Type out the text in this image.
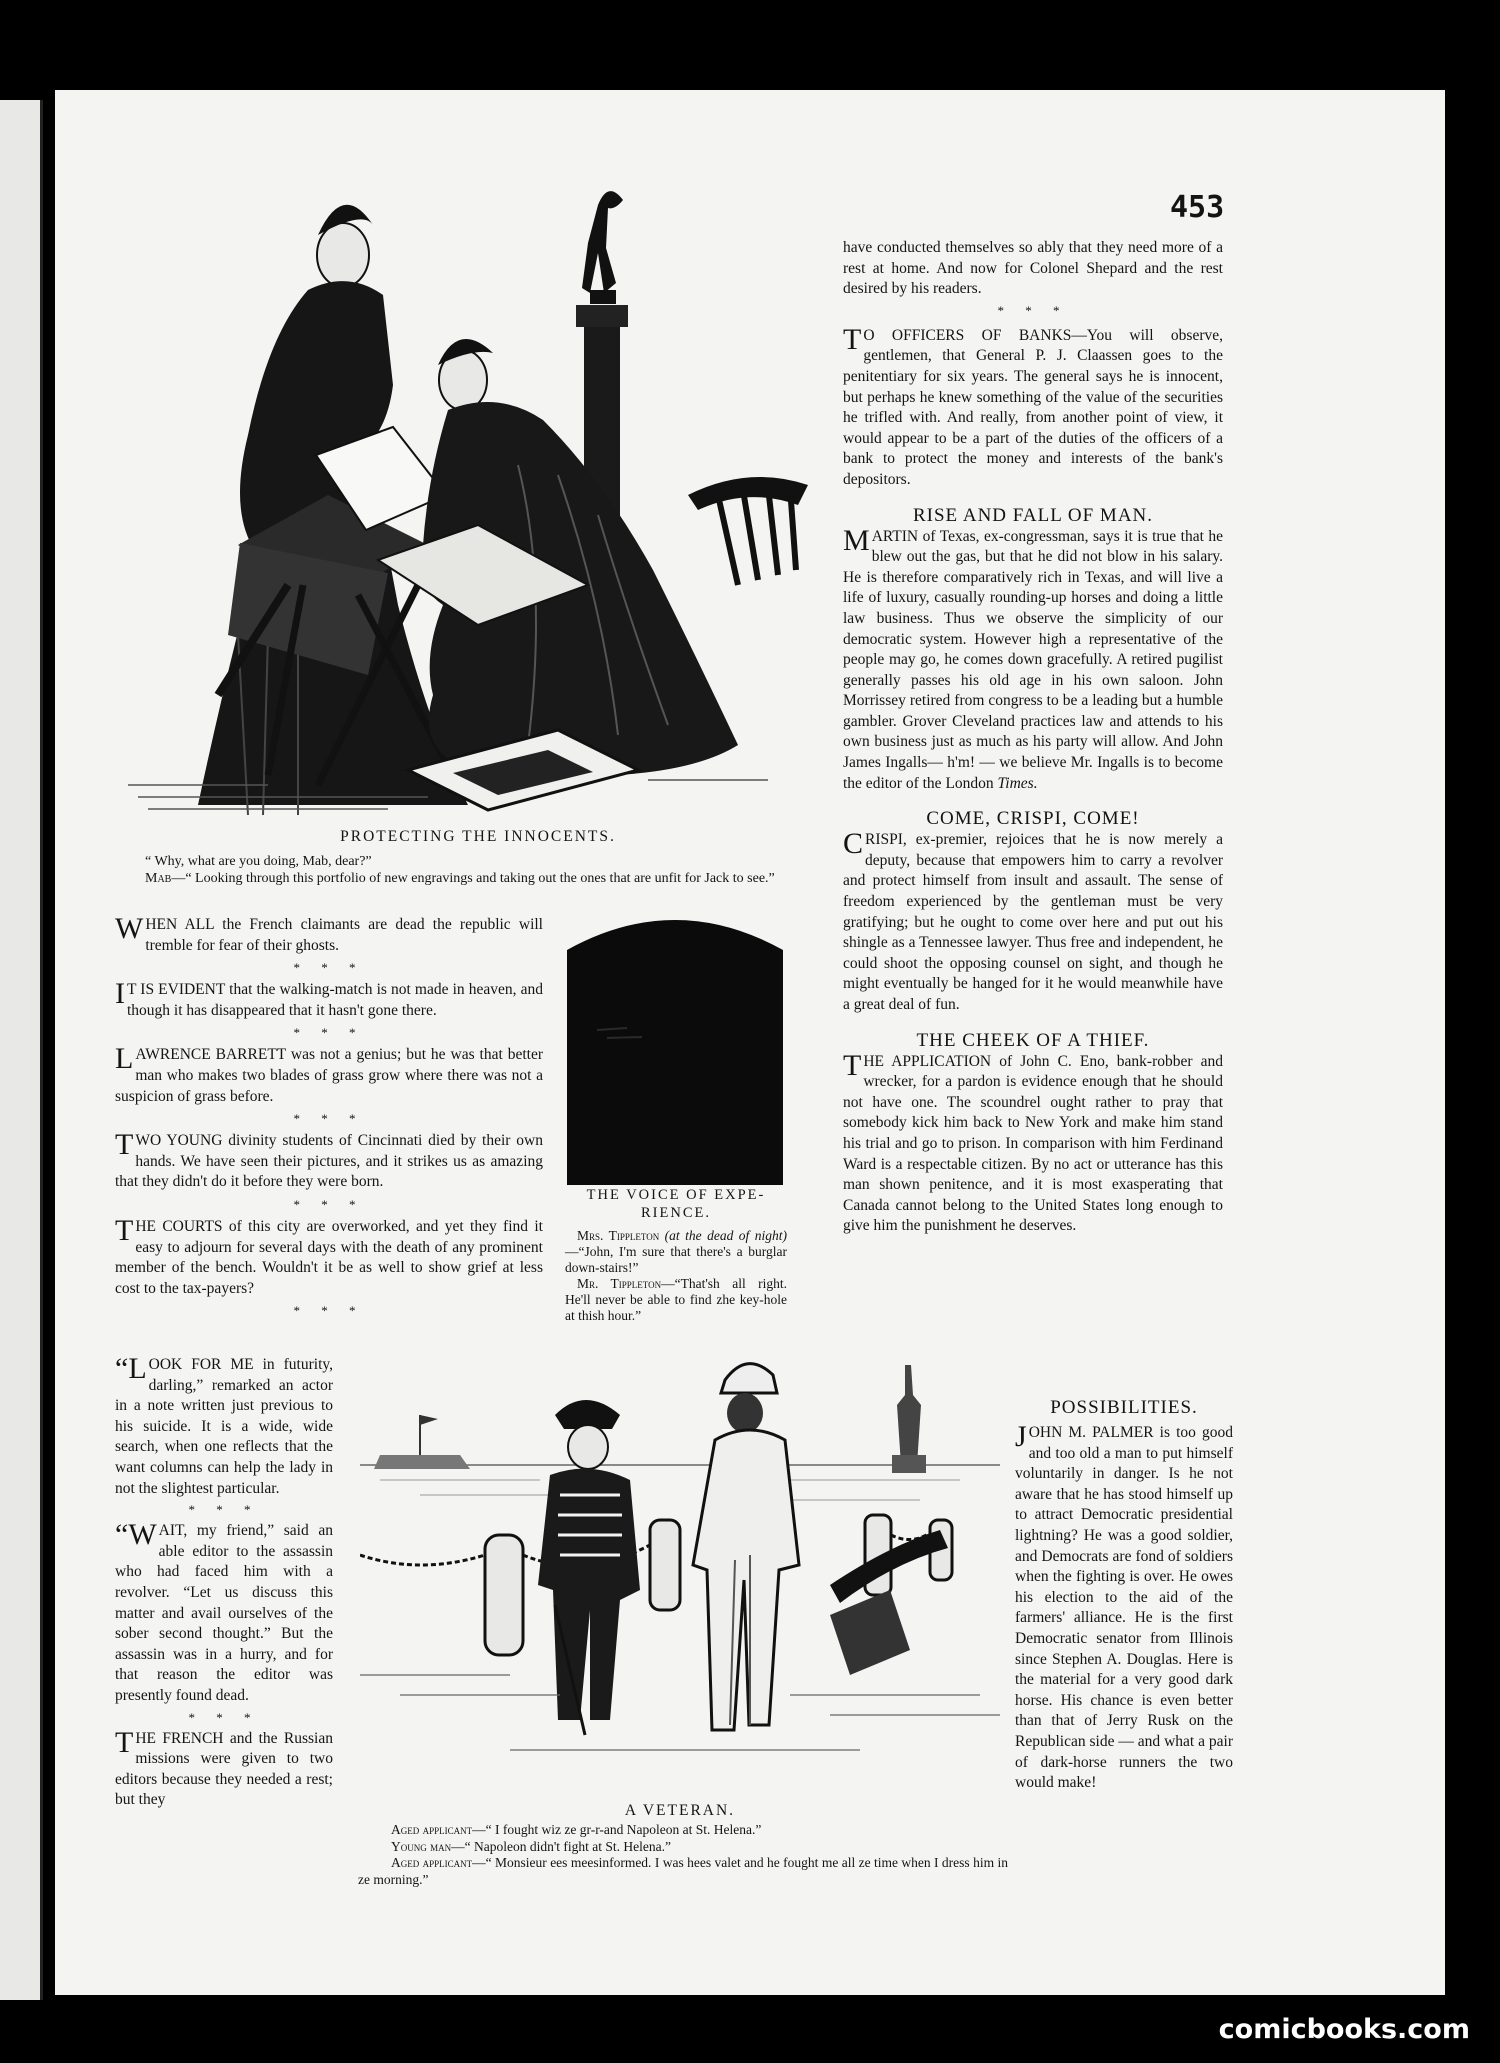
453
PROTECTING THE INNOCENTS.
“ Why, what are you doing, Mab, dear?”
Mab—“ Looking through this portfolio of new engravings and taking out the ones that are unfit for Jack to see.”

WHEN ALL the French claimants are dead the republic will tremble for fear of their ghosts.

* * *

I T IS EVIDENT that the walking-match is not made in heaven, and though it has disappeared that it hasn't gone there.

* * *

LAWRENCE BARRETT was not a genius; but he was that better man who makes two blades of grass grow where there was not a suspicion of grass before.

* * *

TWO YOUNG divinity students of Cincinnati died by their own hands. We have seen their pictures, and it strikes us as amazing that they didn't do it before they were born.

* * *

THE COURTS of this city are overworked, and yet they find it easy to adjourn for several days with the death of any prominent member of the bench. Wouldn't it be as well to show grief at less cost to the tax-payers?

* * *

“LOOK FOR ME in futurity, darling,” remarked an actor in a note written just previous to his suicide. It is a wide, wide search, when one reflects that the want columns can help the lady in not the slightest particular.

* * *

“WAIT, my friend,” said an able editor to the assassin who had faced him with a revolver. “Let us discuss this matter and avail ourselves of the sober second thought.” But the assassin was in a hurry, and for that reason the editor was presently found dead.

* * *

THE FRENCH and the Russian missions were given to two editors because they needed a rest; but they

THE VOICE OF EXPE-RIENCE.
Mrs. Tippleton (at the dead of night)—“John, I'm sure that there's a burglar down-stairs!”
Mr. Tippleton—“That'sh all right. He'll never be able to find zhe key-hole at thish hour.”
A VETERAN.
Aged applicant—“ I fought wiz ze gr-r-and Napoleon at St. Helena.”
Young man—“ Napoleon didn't fight at St. Helena.”
Aged applicant—“ Monsieur ees meesinformed. I was hees valet and he fought me all ze time when I dress him in ze morning.”

have conducted themselves so ably that they need more of a rest at home. And now for Colonel Shepard and the rest desired by his readers.

* * *

T O OFFICERS OF BANKS—You will observe, gentlemen, that General P. J. Claassen goes to the penitentiary for six years. The general says he is innocent, but perhaps he knew something of the value of the securities he trifled with. And really, from another point of view, it would appear to be a part of the duties of the officers of a bank to protect the money and interests of the bank's depositors.

RISE AND FALL OF MAN.

MARTIN of Texas, ex-congressman, says it is true that he blew out the gas, but that he did not blow in his salary. He is therefore comparatively rich in Texas, and will live a life of luxury, casually rounding-up horses and doing a little law business. Thus we observe the simplicity of our democratic system. However high a representative of the people may go, he comes down gracefully. A retired pugilist generally passes his old age in his own saloon. John Morrissey retired from congress to be a leading but a humble gambler. Grover Cleveland practices law and attends to his own business just as much as his party will allow. And John James Ingalls— h'm! — we believe Mr. Ingalls is to become the editor of the London Times.

COME, CRISPI, COME!

CRISPI, ex-premier, rejoices that he is now merely a deputy, because that empowers him to carry a revolver and protect himself from insult and assault. The sense of freedom experienced by the gentleman must be very gratifying; but he ought to come over here and put out his shingle as a Tennessee lawyer. Thus free and independent, he could shoot the opposing counsel on sight, and though he might eventually be hanged for it he would meanwhile have a great deal of fun.

THE CHEEK OF A THIEF.

THE APPLICATION of John C. Eno, bank-robber and wrecker, for a pardon is evidence enough that he should not have one. The scoundrel ought rather to pray that somebody kick him back to New York and make him stand his trial and go to prison. In comparison with him Ferdinand Ward is a respectable citizen. By no act or utterance has this man shown penitence, and it is most exasperating that Canada cannot belong to the United States long enough to give him the punishment he deserves.

POSSIBILITIES.

JOHN M. PALMER is too good and too old a man to put himself voluntarily in danger. Is he not aware that he has stood himself up to attract Democratic presidential lightning? He was a good soldier, and Democrats are fond of soldiers when the fighting is over. He owes his election to the aid of the farmers' alliance. He is the first Democratic senator from Illinois since Stephen A. Douglas. Here is the material for a very good dark horse. His chance is even better than that of Jerry Rusk on the Republican side — and what a pair of dark-horse runners the two would make!

comicbooks.com
